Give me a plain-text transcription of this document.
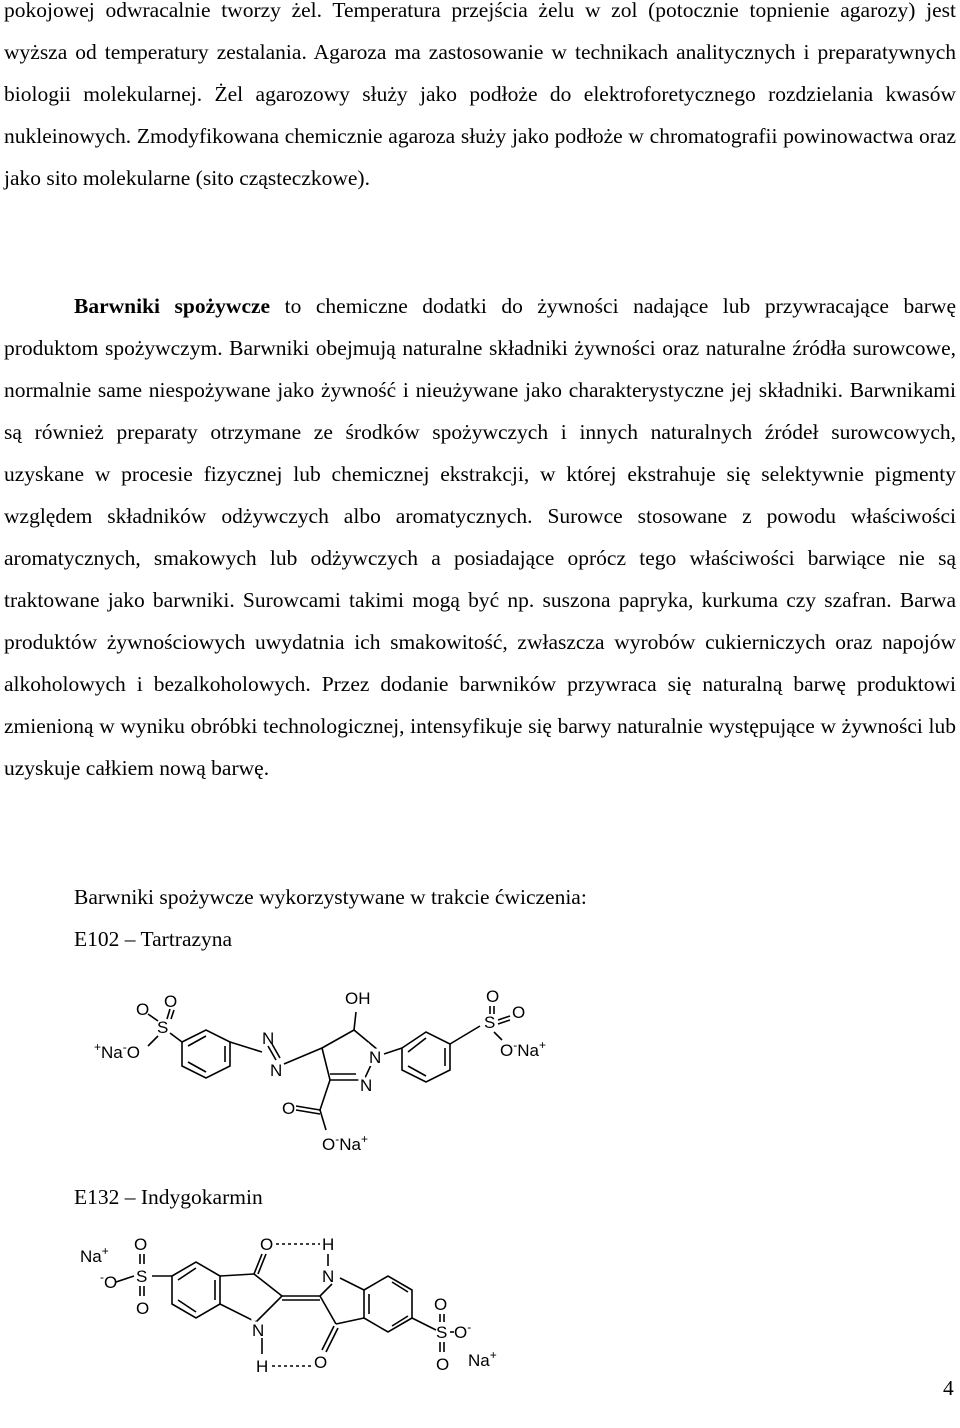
pokojowej odwracalnie tworzy żel. Temperatura przejścia żelu w zol (potocznie topnienie agarozy) jest wyższa od temperatury zestalania. Agaroza ma zastosowanie w technikach analitycznych i preparatywnych biologii molekularnej. Żel agarozowy służy jako podłoże do elektroforetycznego rozdzielania kwasów nukleinowych. Zmodyfikowana chemicznie agaroza służy jako podłoże w chromatografii powinowactwa oraz jako sito molekularne (sito cząsteczkowe).

Barwniki spożywcze to chemiczne dodatki do żywności nadające lub przywracające barwę produktom spożywczym. Barwniki obejmują naturalne składniki żywności oraz naturalne źródła surowcowe, normalnie same niespożywane jako żywność i nieużywane jako charakterystyczne jej składniki. Barwnikami są również preparaty otrzymane ze środków spożywczych i innych naturalnych źródeł surowcowych, uzyskane w procesie fizycznej lub chemicznej ekstrakcji, w której ekstrahuje się selektywnie pigmenty względem składników odżywczych albo aromatycznych. Surowce stosowane z powodu właściwości aromatycznych, smakowych lub odżywczych a posiadające oprócz tego właściwości barwiące nie są traktowane jako barwniki. Surowcami takimi mogą być np. suszona papryka, kurkuma czy szafran. Barwa produktów żywnościowych uwydatnia ich smakowitość, zwłaszcza wyrobów cukierniczych oraz napojów alkoholowych i bezalkoholowych. Przez dodanie barwników przywraca się naturalną barwę produktowi zmienioną w wyniku obróbki technologicznej, intensyfikuje się barwy naturalnie występujące w żywności lub uzyskuje całkiem nową barwę.

Barwniki spożywcze wykorzystywane w trakcie ćwiczenia:
E102 – Tartrazyna
O O
S
+Na-O
N
N
OH
N
N
O
O-Na+
S
O
O
O-Na+
E132 – Indygokarmin
Na+ O
S
O
-O
O
N
H
H
N
O
S
O
O
O-
Na+
4
